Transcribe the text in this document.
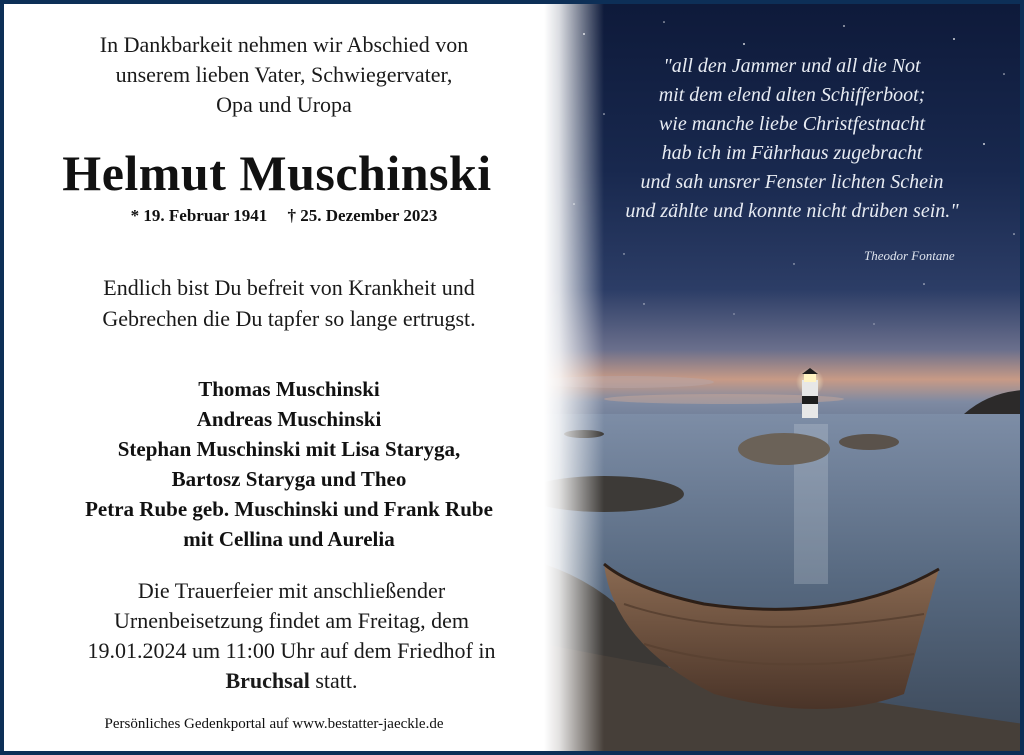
"all den Jammer und all die Not
mit dem elend alten Schifferboot;
wie manche liebe Christfestnacht
hab ich im Fährhaus zugebracht
und sah unsrer Fenster lichten Schein
und zählte und konnte nicht drüben sein."
Theodor Fontane
In Dankbarkeit nehmen wir Abschied von
unserem lieben Vater, Schwiegervater,
Opa und Uropa
Helmut Muschinski
* 19. Februar 1941 † 25. Dezember 2023
Endlich bist Du befreit von Krankheit und
Gebrechen die Du tapfer so lange ertrugst.
Thomas Muschinski
Andreas Muschinski
Stephan Muschinski mit Lisa Staryga,
Bartosz Staryga und Theo
Petra Rube geb. Muschinski und Frank Rube
mit Cellina und Aurelia
Die Trauerfeier mit anschließender
Urnenbeisetzung findet am Freitag, dem
19.01.2024 um 11:00 Uhr auf dem Friedhof in
Bruchsal statt.
Persönliches Gedenkportal auf www.bestatter-jaeckle.de
